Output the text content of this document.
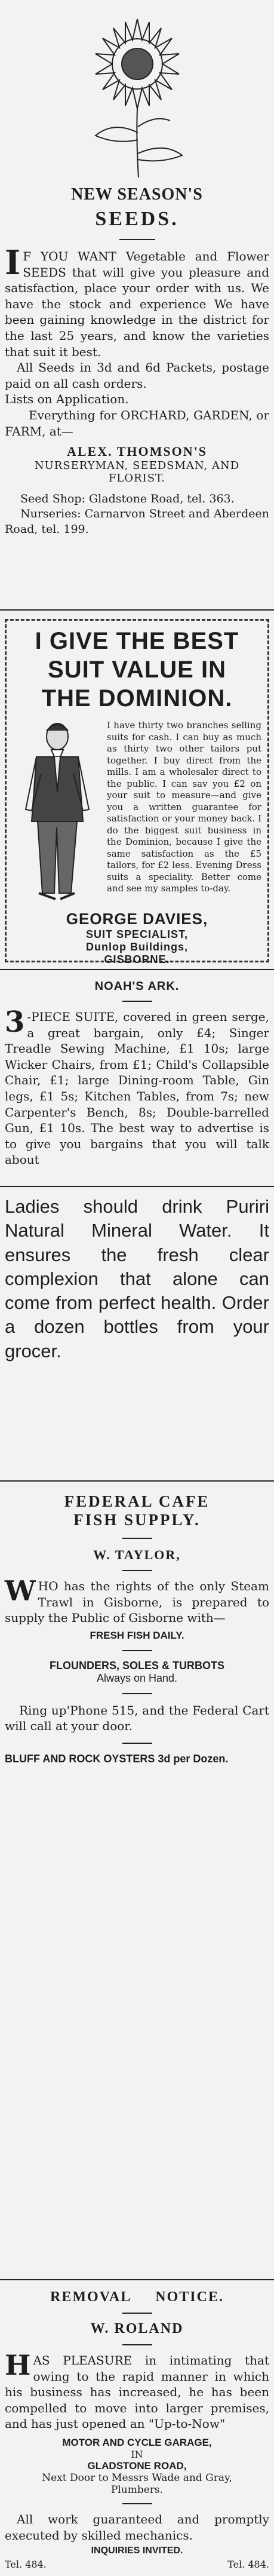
NEW SEASON'S
SEEDS.

I F YOU WANT Vegetable and Flower SEEDS that will give you pleasure and satisfaction, place your order with us. We have the stock and experience We have been gaining knowledge in the district for the last 25 years, and know the varieties that suit it best.

All Seeds in 3d and 6d Packets, postage paid on all cash orders.

Lists on Application.

Everything for ORCHARD, GARDEN, or FARM, at—

ALEX. THOMSON'S
NURSERYMAN, SEEDSMAN, AND
FLORIST.

Seed Shop: Gladstone Road, tel. 363.

Nurseries: Carnarvon Street and Aberdeen Road, tel. 199.

I GIVE THE BEST
SUIT VALUE IN
THE DOMINION.

I have thirty two branches selling suits for cash. I can buy as much as thirty two other tailors put together. I buy direct from the mills. I am a wholesaler direct to the public. I can sav you £2 on your suit to measure—and give you a written guarantee for satisfaction or your money back. I do the biggest suit business in the Dominion, because I give the same satisfaction as the £5 tailors, for £2 less. Evening Dress suits a speciality. Better come and see my samples to-day.

GEORGE DAVIES,
SUIT SPECIALIST,
Dunlop Buildings,
GISBORNE.
NOAH'S ARK.

3 -PIECE SUITE, covered in green serge, a great bargain, only £4; Singer Treadle Sewing Machine, £1 10s; large Wicker Chairs, from £1; Child's Collapsible Chair, £1; large Dining-room Table, Gin legs, £1 5s; Kitchen Tables, from 7s; new Carpenter's Bench, 8s; Double-barrelled Gun, £1 10s. The best way to advertise is to give you bargains that you will talk about

Ladies should drink Puriri Natural Mineral Water. It ensures the fresh clear complexion that alone can come from perfect health. Order a dozen bottles from your grocer.

FEDERAL CAFE
FISH SUPPLY.
W. TAYLOR,

WHO has the rights of the only Steam Trawl in Gisborne, is prepared to supply the Public of Gisborne with—

FRESH FISH DAILY.
FLOUNDERS, SOLES & TURBOTS
Always on Hand.

Ring up'Phone 515, and the Federal Cart will call at your door.

BLUFF AND ROCK OYSTERS 3d per Dozen.

REMOVAL NOTICE.
W. ROLAND

HAS PLEASURE in intimating that owing to the rapid manner in which his business has increased, he has been compelled to move into larger premises, and has just opened an "Up-to-Now"

MOTOR AND CYCLE GARAGE,
IN
GLADSTONE ROAD,
Next Door to Messrs Wade and Gray,
Plumbers.

All work guaranteed and promptly executed by skilled mechanics.

INQUIRIES INVITED.
Tel. 484.	Tel. 484.
